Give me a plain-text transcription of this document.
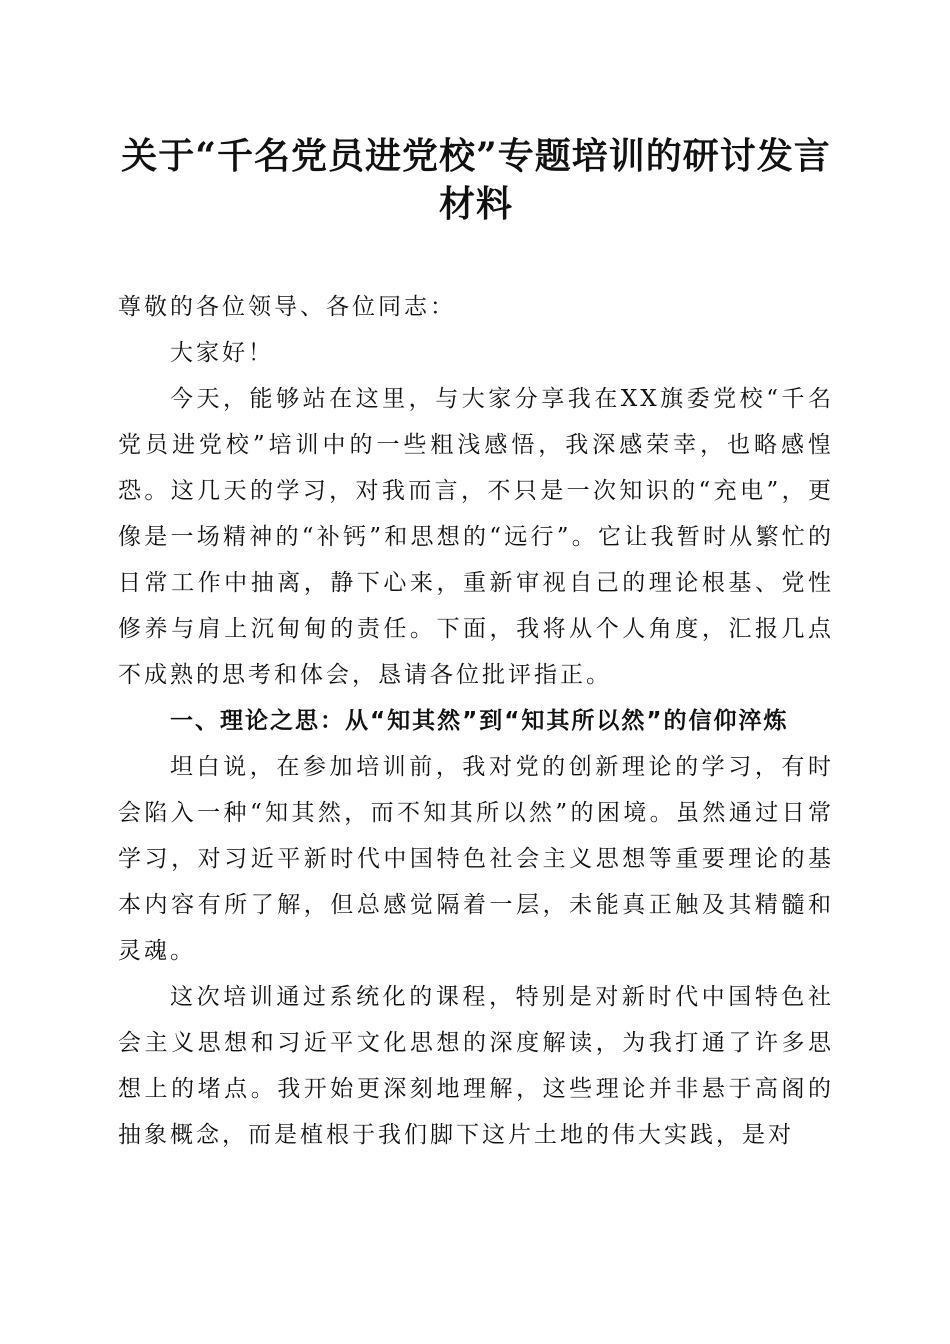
关于“千名党员进党校”专题培训的研讨发言材料

尊敬的各位领导、各位同志：

大家好！

今天，能够站在这里，与大家分享我在XX旗委党校“千名党员进党校”培训中的一些粗浅感悟，我深感荣幸，也略感惶恐。这几天的学习，对我而言，不只是一次知识的“充电”，更像是一场精神的“补钙”和思想的“远行”。它让我暂时从繁忙的日常工作中抽离，静下心来，重新审视自己的理论根基、党性修养与肩上沉甸甸的责任。下面，我将从个人角度，汇报几点不成熟的思考和体会，恳请各位批评指正。

一、理论之思：从“知其然”到“知其所以然”的信仰淬炼

坦白说，在参加培训前，我对党的创新理论的学习，有时会陷入一种“知其然，而不知其所以然”的困境。虽然通过日常学习，对习近平新时代中国特色社会主义思想等重要理论的基本内容有所了解，但总感觉隔着一层，未能真正触及其精髓和灵魂。

这次培训通过系统化的课程，特别是对新时代中国特色社会主义思想和习近平文化思想的深度解读，为我打通了许多思想上的堵点。我开始更深刻地理解，这些理论并非悬于高阁的抽象概念，而是植根于我们脚下这片土地的伟大实践，是对
